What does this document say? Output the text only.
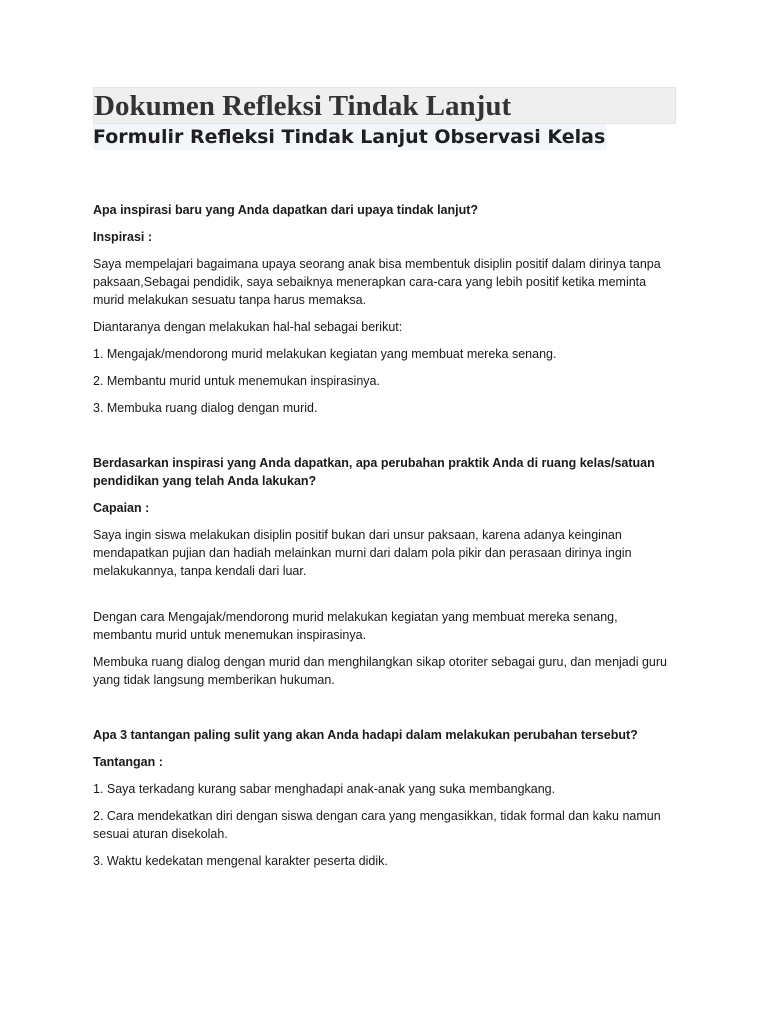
Dokumen Refleksi Tindak Lanjut
Formulir Refleksi Tindak Lanjut Observasi Kelas

Apa inspirasi baru yang Anda dapatkan dari upaya tindak lanjut?

Inspirasi :

Saya mempelajari bagaimana upaya seorang anak bisa membentuk disiplin positif dalam dirinya tanpa paksaan,Sebagai pendidik, saya sebaiknya menerapkan cara-cara yang lebih positif ketika meminta murid melakukan sesuatu tanpa harus memaksa.

Diantaranya dengan melakukan hal-hal sebagai berikut:

1. Mengajak/mendorong murid melakukan kegiatan yang membuat mereka senang.

2. Membantu murid untuk menemukan inspirasinya.

3. Membuka ruang dialog dengan murid.

Berdasarkan inspirasi yang Anda dapatkan, apa perubahan praktik Anda di ruang kelas/satuan pendidikan yang telah Anda lakukan?

Capaian :

Saya ingin siswa melakukan disiplin positif bukan dari unsur paksaan, karena adanya keinginan mendapatkan pujian dan hadiah melainkan murni dari dalam pola pikir dan perasaan dirinya ingin melakukannya, tanpa kendali dari luar.

Dengan cara Mengajak/mendorong murid melakukan kegiatan yang membuat mereka senang, membantu murid untuk menemukan inspirasinya.

Membuka ruang dialog dengan murid dan menghilangkan sikap otoriter sebagai guru, dan menjadi guru yang tidak langsung memberikan hukuman.

Apa 3 tantangan paling sulit yang akan Anda hadapi dalam melakukan perubahan tersebut?

Tantangan :

1. Saya terkadang kurang sabar menghadapi anak-anak yang suka membangkang.

2. Cara mendekatkan diri dengan siswa dengan cara yang mengasikkan, tidak formal dan kaku namun sesuai aturan disekolah.

3. Waktu kedekatan mengenal karakter peserta didik.
